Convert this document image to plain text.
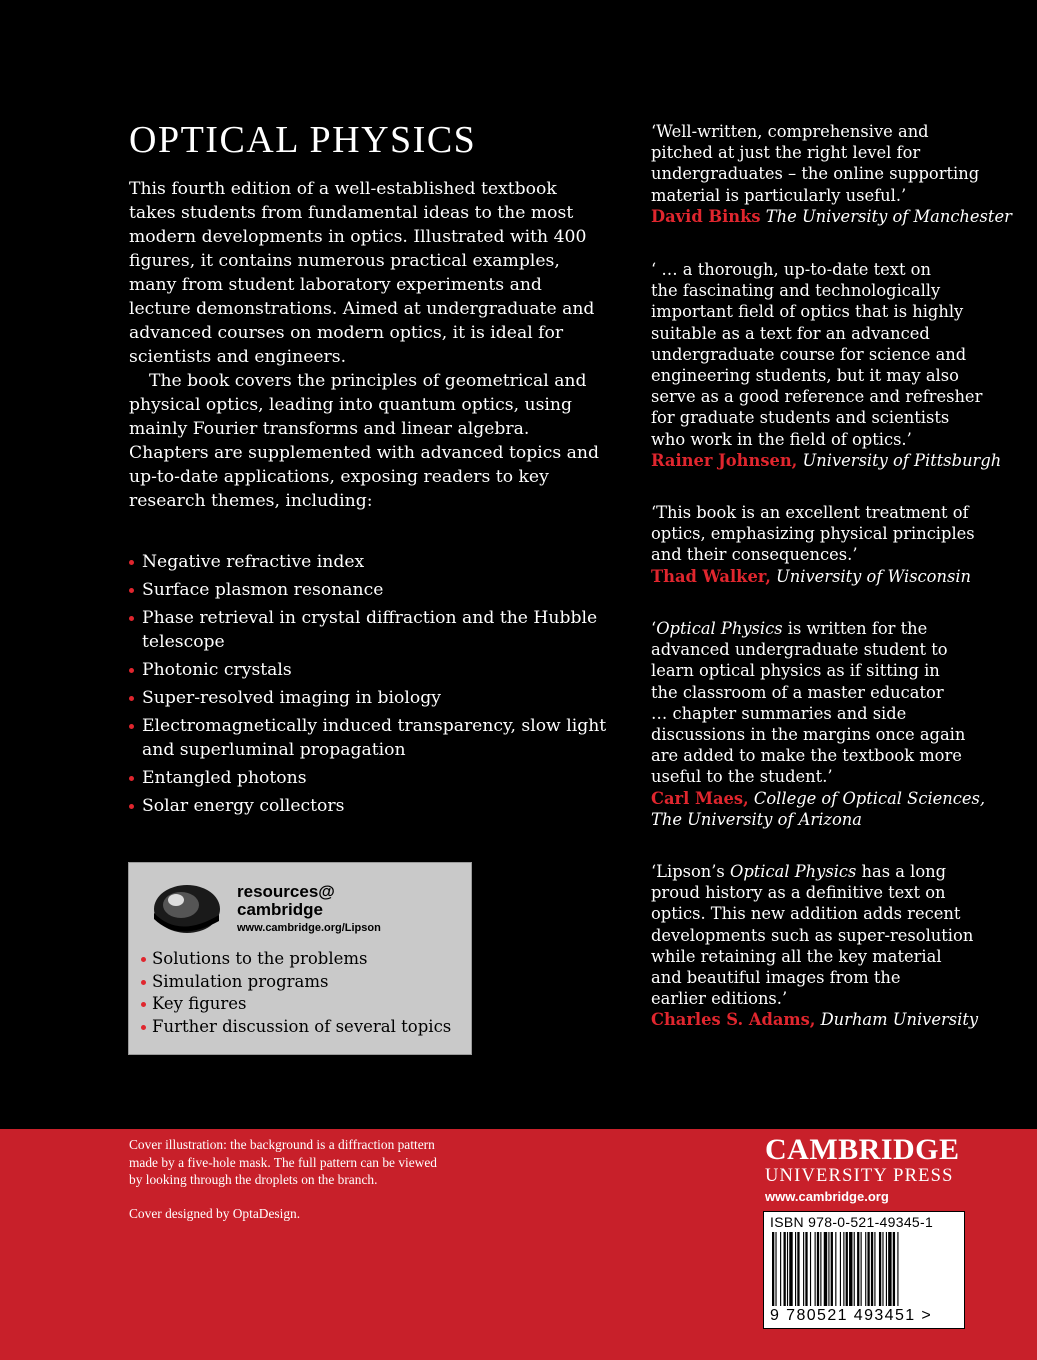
OPTICAL PHYSICS

This fourth edition of a well-established textbook takes students from fundamental ideas to the most modern developments in optics. Illustrated with 400 figures, it contains numerous practical examples, many from student laboratory experiments and lecture demonstrations. Aimed at undergraduate and advanced courses on modern optics, it is ideal for scientists and engineers.

The book covers the principles of geometrical and physical optics, leading into quantum optics, using mainly Fourier transforms and linear algebra. Chapters are supplemented with advanced topics and up-to-date applications, exposing readers to key research themes, including:

Negative refractive index
Surface plasmon resonance
Phase retrieval in crystal diffraction and the Hubble telescope
Photonic crystals
Super-resolved imaging in biology
Electromagnetically induced transparency, slow light and superluminal propagation
Entangled photons
Solar energy collectors
resources@
cambridge
www.cambridge.org/Lipson
Solutions to the problems
Simulation programs
Key figures
Further discussion of several topics
‘Well-written, comprehensive and
pitched at just the right level for
undergraduates – the online supporting
material is particularly useful.’
David Binks The University of Manchester
‘ … a thorough, up-to-date text on
the fascinating and technologically
important field of optics that is highly
suitable as a text for an advanced
undergraduate course for science and
engineering students, but it may also
serve as a good reference and refresher
for graduate students and scientists
who work in the field of optics.’
Rainer Johnsen, University of Pittsburgh
‘This book is an excellent treatment of
optics, emphasizing physical principles
and their consequences.’
Thad Walker, University of Wisconsin
‘Optical Physics is written for the
advanced undergraduate student to
learn optical physics as if sitting in
the classroom of a master educator
… chapter summaries and side
discussions in the margins once again
are added to make the textbook more
useful to the student.’
Carl Maes, College of Optical Sciences,
The University of Arizona
‘Lipson’s Optical Physics has a long
proud history as a definitive text on
optics. This new addition adds recent
developments such as super-resolution
while retaining all the key material
and beautiful images from the
earlier editions.’
Charles S. Adams, Durham University
Cover illustration: the background is a diffraction pattern
made by a five-hole mask. The full pattern can be viewed
by looking through the droplets on the branch.
Cover designed by OptaDesign.
CAMBRIDGE
UNIVERSITY PRESS
www.cambridge.org
ISBN 978-0-521-49345-1
9 780521 493451 >
